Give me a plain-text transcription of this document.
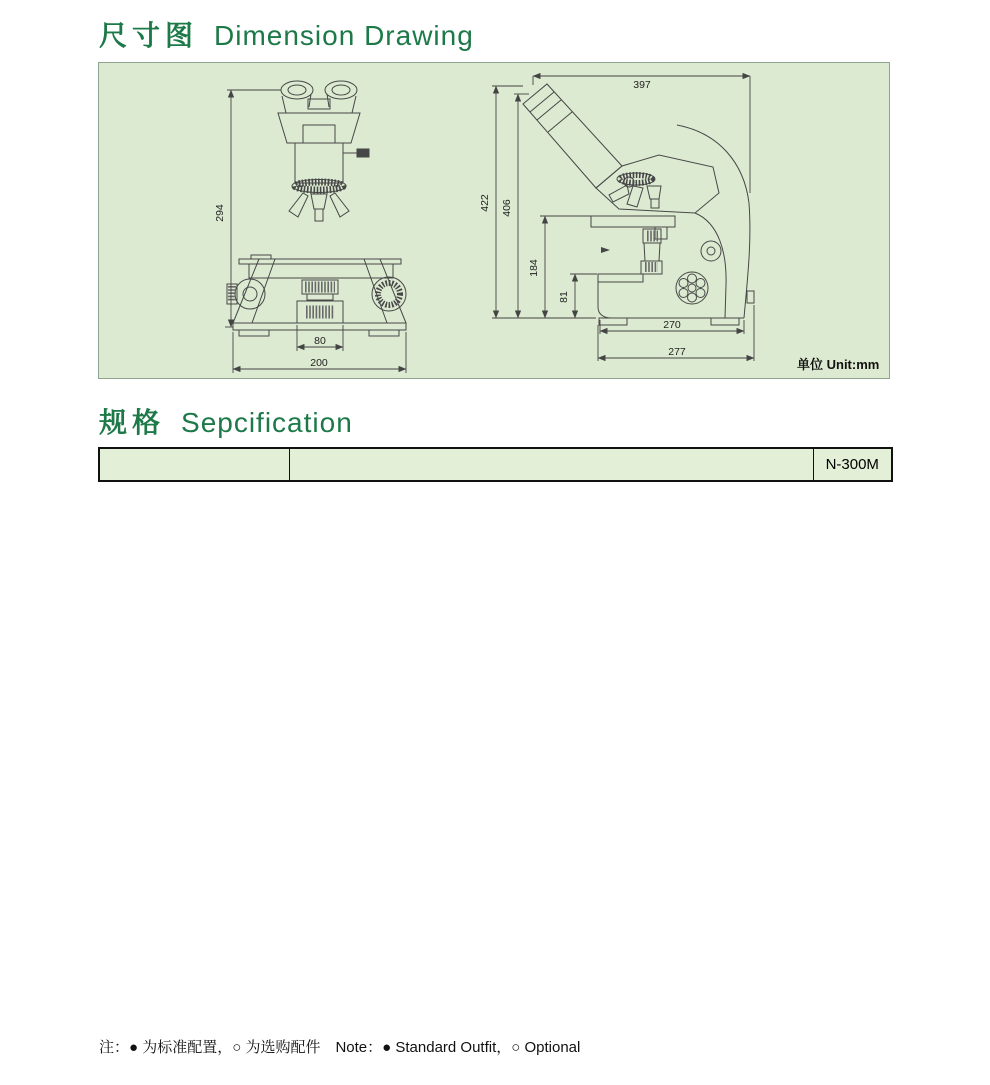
尺寸图 Dimension Drawing
294
80
200
397
422 406
184
81
270
277
单位 Unit:mm
规格 Sepcification
		N-300M
注：● 为标准配置，○ 为选购配件　Note：● Standard Outfit，○ Optional
